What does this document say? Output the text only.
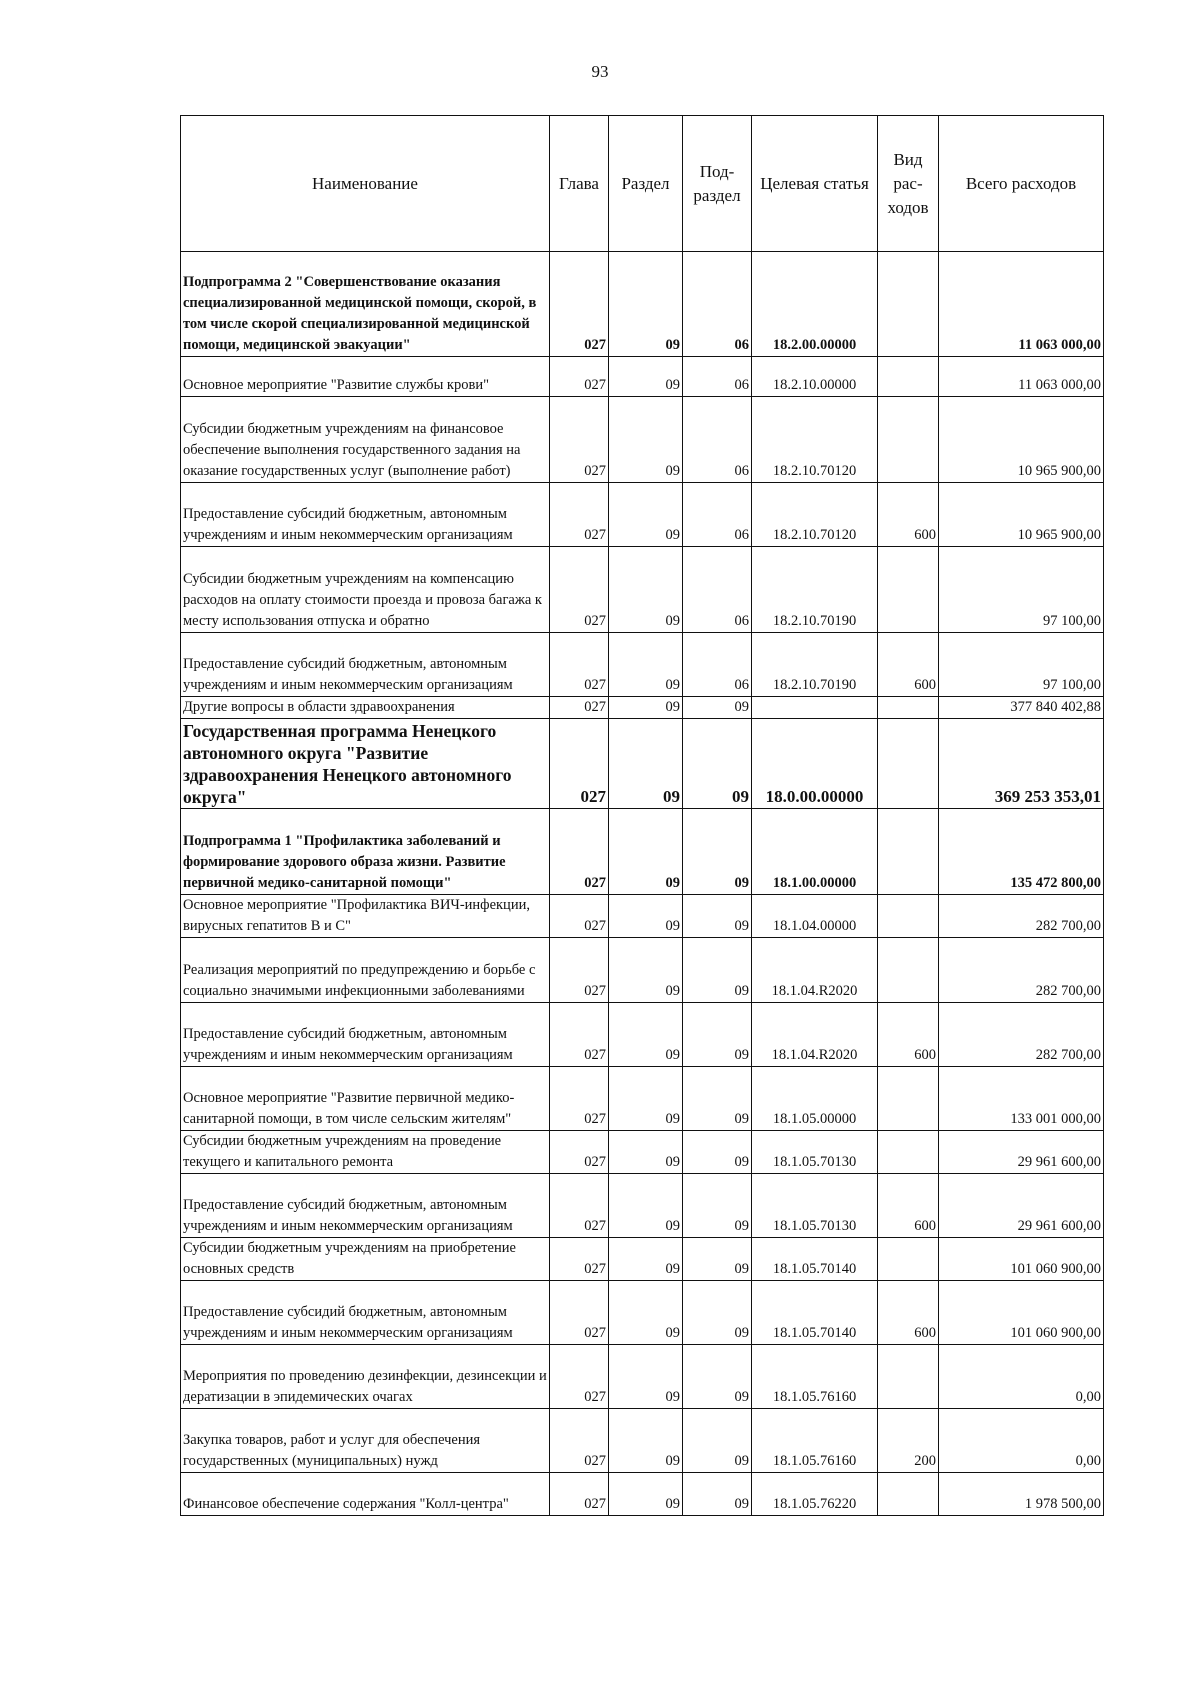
93
Наименование	Глава	Раздел	Под-раздел	Целевая статья	Вид рас-ходов	Всего расходов
Подпрограмма 2 "Совершенствование оказания специализированной медицинской помощи, скорой, в том числе скорой специализированной медицинской помощи, медицинской эвакуации"	027	09	06	18.2.00.00000		11 063 000,00
Основное мероприятие "Развитие службы крови"	027	09	06	18.2.10.00000		11 063 000,00
Субсидии бюджетным учреждениям на финансовое обеспечение выполнения государственного задания на оказание государственных услуг (выполнение работ)	027	09	06	18.2.10.70120		10 965 900,00
Предоставление субсидий бюджетным, автономным учреждениям и иным некоммерческим организациям	027	09	06	18.2.10.70120	600	10 965 900,00
Субсидии бюджетным учреждениям на компенсацию расходов на оплату стоимости проезда и провоза багажа к месту использования отпуска и обратно	027	09	06	18.2.10.70190		97 100,00
Предоставление субсидий бюджетным, автономным учреждениям и иным некоммерческим организациям	027	09	06	18.2.10.70190	600	97 100,00
Другие вопросы в области здравоохранения	027	09	09			377 840 402,88
Государственная программа Ненецкого автономного округа "Развитие здравоохранения Ненецкого автономного округа"	027	09	09	18.0.00.00000		369 253 353,01
Подпрограмма 1 "Профилактика заболеваний и формирование здорового образа жизни. Развитие первичной медико-санитарной помощи"	027	09	09	18.1.00.00000		135 472 800,00
Основное мероприятие "Профилактика ВИЧ-инфекции, вирусных гепатитов В и С"	027	09	09	18.1.04.00000		282 700,00
Реализация мероприятий по предупреждению и борьбе с социально значимыми инфекционными заболеваниями	027	09	09	18.1.04.R2020		282 700,00
Предоставление субсидий бюджетным, автономным учреждениям и иным некоммерческим организациям	027	09	09	18.1.04.R2020	600	282 700,00
Основное мероприятие "Развитие первичной медико-санитарной помощи, в том числе сельским жителям"	027	09	09	18.1.05.00000		133 001 000,00
Субсидии бюджетным учреждениям на проведение текущего и капитального ремонта	027	09	09	18.1.05.70130		29 961 600,00
Предоставление субсидий бюджетным, автономным учреждениям и иным некоммерческим организациям	027	09	09	18.1.05.70130	600	29 961 600,00
Субсидии бюджетным учреждениям на приобретение основных средств	027	09	09	18.1.05.70140		101 060 900,00
Предоставление субсидий бюджетным, автономным учреждениям и иным некоммерческим организациям	027	09	09	18.1.05.70140	600	101 060 900,00
Мероприятия по проведению дезинфекции, дезинсекции и дератизации в эпидемических очагах	027	09	09	18.1.05.76160		0,00
Закупка товаров, работ и услуг для обеспечения государственных (муниципальных) нужд	027	09	09	18.1.05.76160	200	0,00
Финансовое обеспечение содержания "Колл-центра"	027	09	09	18.1.05.76220		1 978 500,00
